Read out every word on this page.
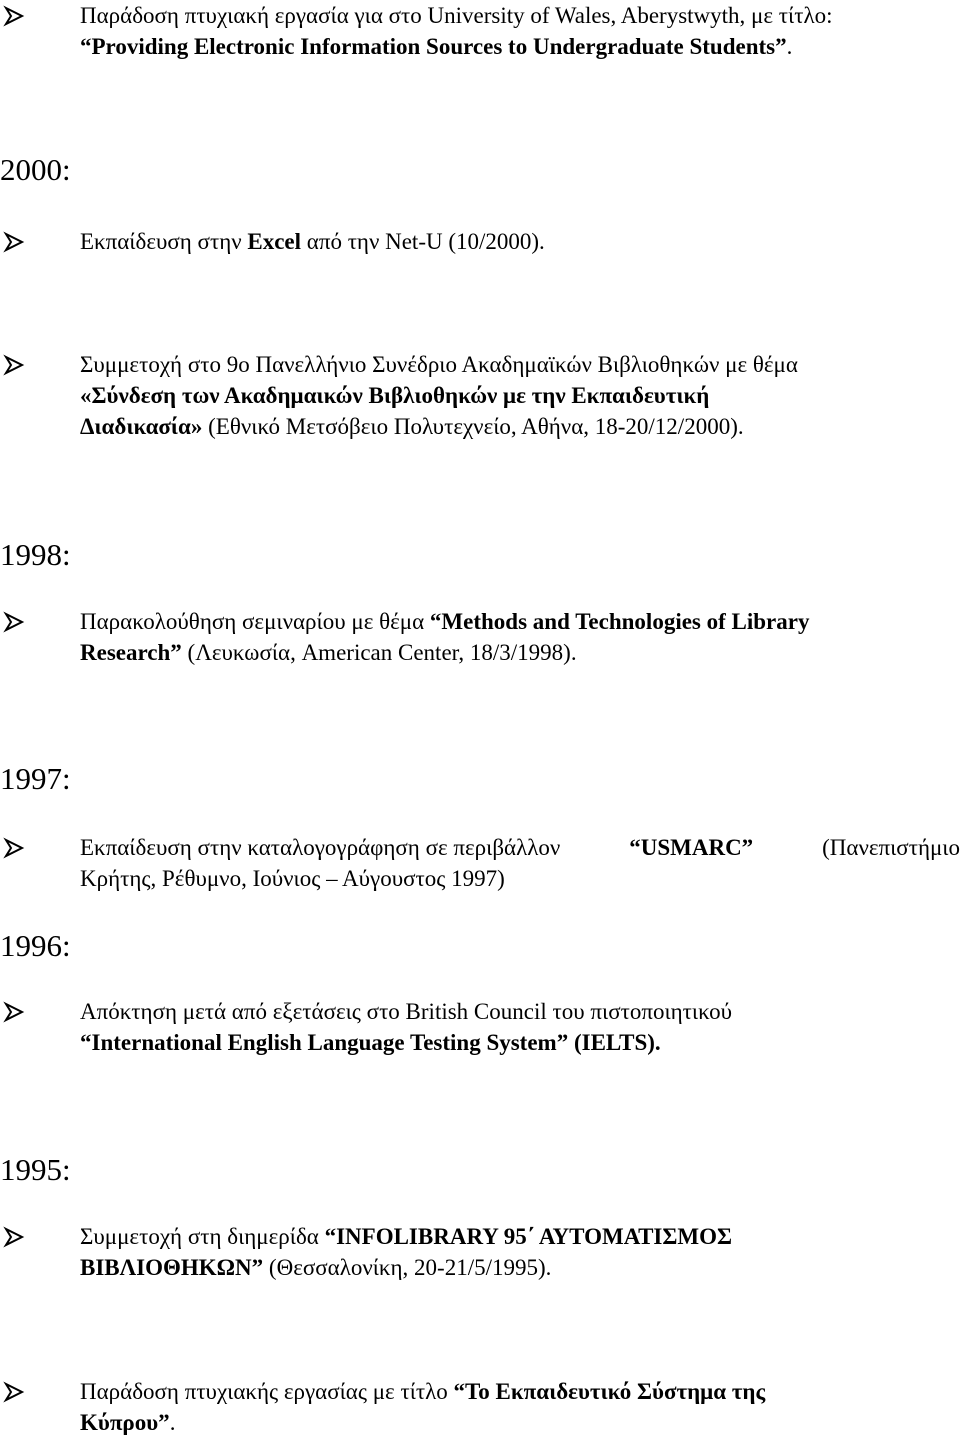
Παράδοση πτυχιακή εργασία για στο University of Wales, Aberystwyth, με τίτλο:
“Providing Electronic Information Sources to Undergraduate Students”.
2000:
Εκπαίδευση στην Excel από την Net-U (10/2000).
Συμμετοχή στο 9ο Πανελλήνιο Συνέδριο Ακαδημαϊκών Βιβλιοθηκών με θέμα
«Σύνδεση των Ακαδημαικών Βιβλιοθηκών με την Εκπαιδευτική
Διαδικασία» (Εθνικό Μετσόβειο Πολυτεχνείο, Αθήνα, 18-20/12/2000).
1998:
Παρακολούθηση σεμιναρίου με θέμα “Methods and Technologies of Library
Research” (Λευκωσία, American Center, 18/3/1998).
1997:
Εκπαίδευση στην καταλογογράφηση σε περιβάλλον	“USMARC”	(Πανεπιστήμιο
Κρήτης, Ρέθυμνο, Ιούνιος – Αύγουστος 1997)
1996:
Απόκτηση μετά από εξετάσεις στο British Council του πιστοποιητικού
“International English Language Testing System” (IELTS).
1995:
Συμμετοχή στη διημερίδα “INFOLIBRARY 95΄ ΑΥΤΟΜΑΤΙΣΜΟΣ
ΒΙΒΛΙΟΘΗΚΩΝ” (Θεσσαλονίκη, 20-21/5/1995).
Παράδοση πτυχιακής εργασίας με τίτλο “Το Εκπαιδευτικό Σύστημα της
Κύπρου”.
